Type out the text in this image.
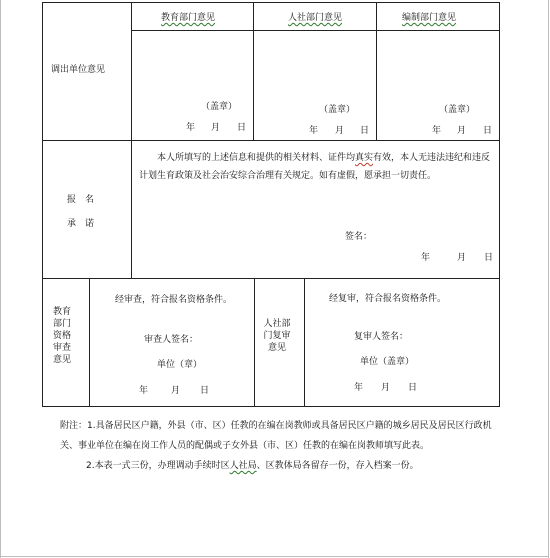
教育部门意见	人社部门意见	编制部门意见
调出单位意见
（盖章）	（盖章）	（盖章）
年 月 日	年 月 日	年 月 日
报　名
承　诺
本人所填写的上述信息和提供的相关材料、证件均真实有效，本人无违法违纪和违反计划生育政策及社会治安综合治理有关规定。如有虚假，愿承担一切责任。
签名：
年	月 日
教育部门资格审查意见
经审查，符合报名资格条件。
审查人签名：
单位（章）
年	月 日
人社部门复审意见
经复审，符合报名资格条件。
复审人签名：
单位（盖章）
年 月 日

附注：1.具备居民区户籍，外县（市、区）任教的在编在岗教师或具备居民区户籍的城乡居民及居民区行政机关、事业单位在编在岗工作人员的配偶或子女外县（市、区）任教的在编在岗教师填写此表。

2.本表一式三份，办理调动手续时区人社局、区教体局各留存一份，存入档案一份。
